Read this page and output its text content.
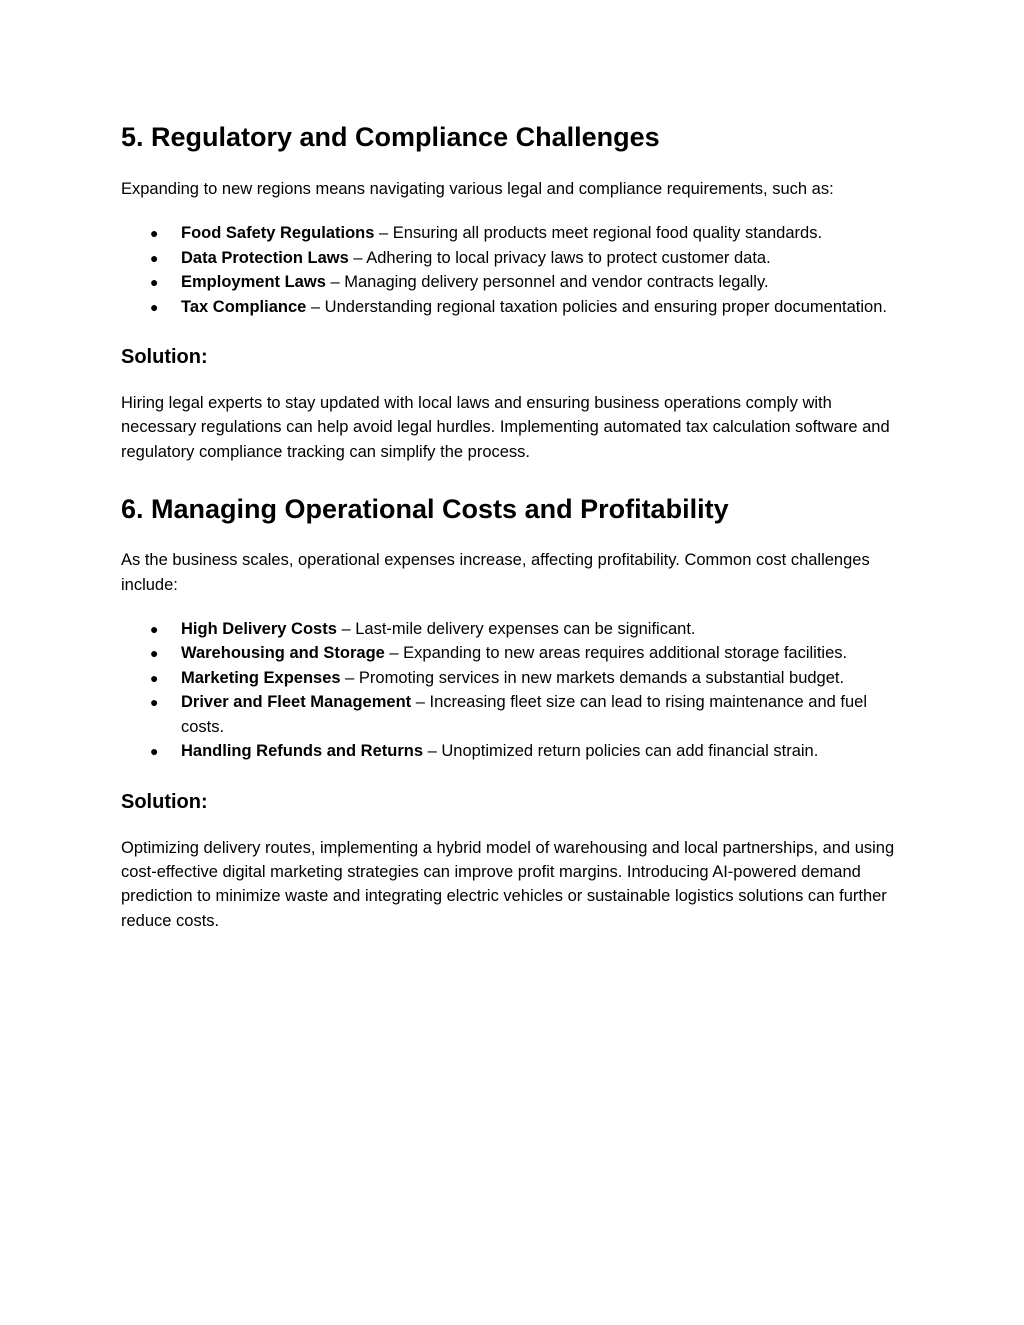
5. Regulatory and Compliance Challenges

Expanding to new regions means navigating various legal and compliance requirements, such as:

● Food Safety Regulations – Ensuring all products meet regional food quality standards.
● Data Protection Laws – Adhering to local privacy laws to protect customer data.
● Employment Laws – Managing delivery personnel and vendor contracts legally.
● Tax Compliance – Understanding regional taxation policies and ensuring proper documentation.
Solution:

Hiring legal experts to stay updated with local laws and ensuring business operations comply with necessary regulations can help avoid legal hurdles. Implementing automated tax calculation software and regulatory compliance tracking can simplify the process.

6. Managing Operational Costs and Profitability

As the business scales, operational expenses increase, affecting profitability. Common cost challenges include:

● High Delivery Costs – Last-mile delivery expenses can be significant.
● Warehousing and Storage – Expanding to new areas requires additional storage facilities.
● Marketing Expenses – Promoting services in new markets demands a substantial budget.
● Driver and Fleet Management – Increasing fleet size can lead to rising maintenance and fuel costs.
● Handling Refunds and Returns – Unoptimized return policies can add financial strain.
Solution:

Optimizing delivery routes, implementing a hybrid model of warehousing and local partnerships, and using cost-effective digital marketing strategies can improve profit margins. Introducing AI-powered demand prediction to minimize waste and integrating electric vehicles or sustainable logistics solutions can further reduce costs.
